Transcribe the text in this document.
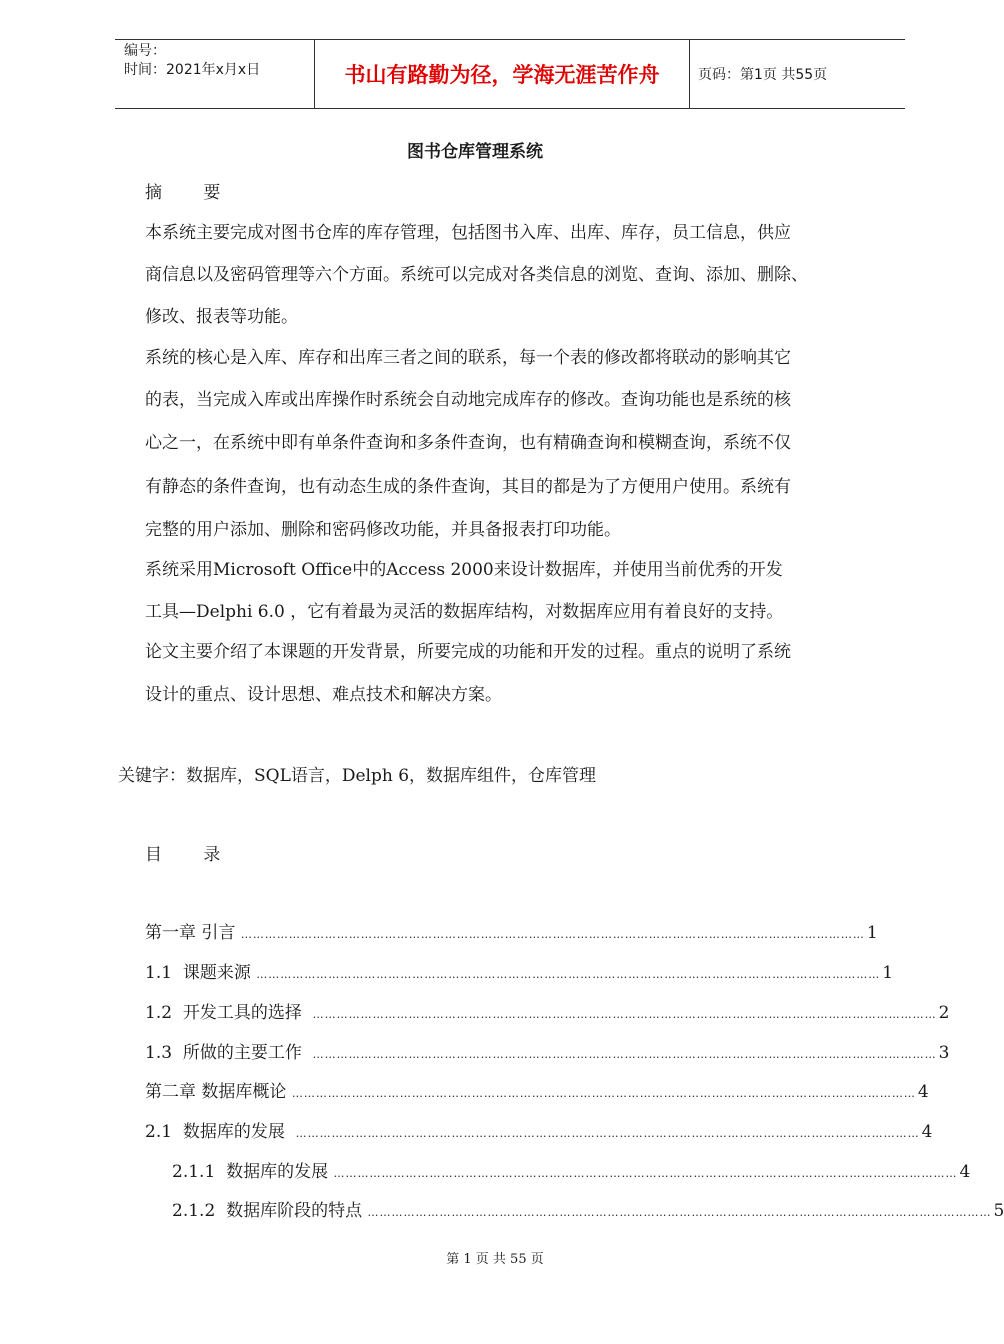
编号：
时间：2021年x月x日	书山有路勤为径，学海无涯苦作舟	页码：第1页 共55页
图书仓库管理系统
摘 要
本系统主要完成对图书仓库的库存管理，包括图书入库、出库、库存，员工信息，供应
商信息以及密码管理等六个方面。系统可以完成对各类信息的浏览、查询、添加、删除、
修改、报表等功能。
系统的核心是入库、库存和出库三者之间的联系，每一个表的修改都将联动的影响其它
的表，当完成入库或出库操作时系统会自动地完成库存的修改。查询功能也是系统的核
心之一，在系统中即有单条件查询和多条件查询，也有精确查询和模糊查询，系统不仅
有静态的条件查询，也有动态生成的条件查询，其目的都是为了方便用户使用。系统有
完整的用户添加、删除和密码修改功能，并具备报表打印功能。
系统采用Microsoft Office中的Access 2000来设计数据库，并使用当前优秀的开发
工具—Delphi 6.0 ，它有着最为灵活的数据库结构，对数据库应用有着良好的支持。
论文主要介绍了本课题的开发背景，所要完成的功能和开发的过程。重点的说明了系统
设计的重点、设计思想、难点技术和解决方案。
关键字：数据库，SQL语言，Delph 6，数据库组件，仓库管理
目 录
第一章 引言 ………………………………………………………………………………………………………………………………………… 1
1.1  课题来源 ………………………………………………………………………………………………………………………………………… 1
1.2  开发工具的选择 ………………………………………………………………………………………………………………………………………… 2
1.3  所做的主要工作 ………………………………………………………………………………………………………………………………………… 3
第二章 数据库概论 ………………………………………………………………………………………………………………………………………… 4
2.1  数据库的发展 ………………………………………………………………………………………………………………………………………… 4
2.1.1  数据库的发展 ………………………………………………………………………………………………………………………………………… 4
2.1.2  数据库阶段的特点 ………………………………………………………………………………………………………………………………………… 5
第 1 页 共 55 页
